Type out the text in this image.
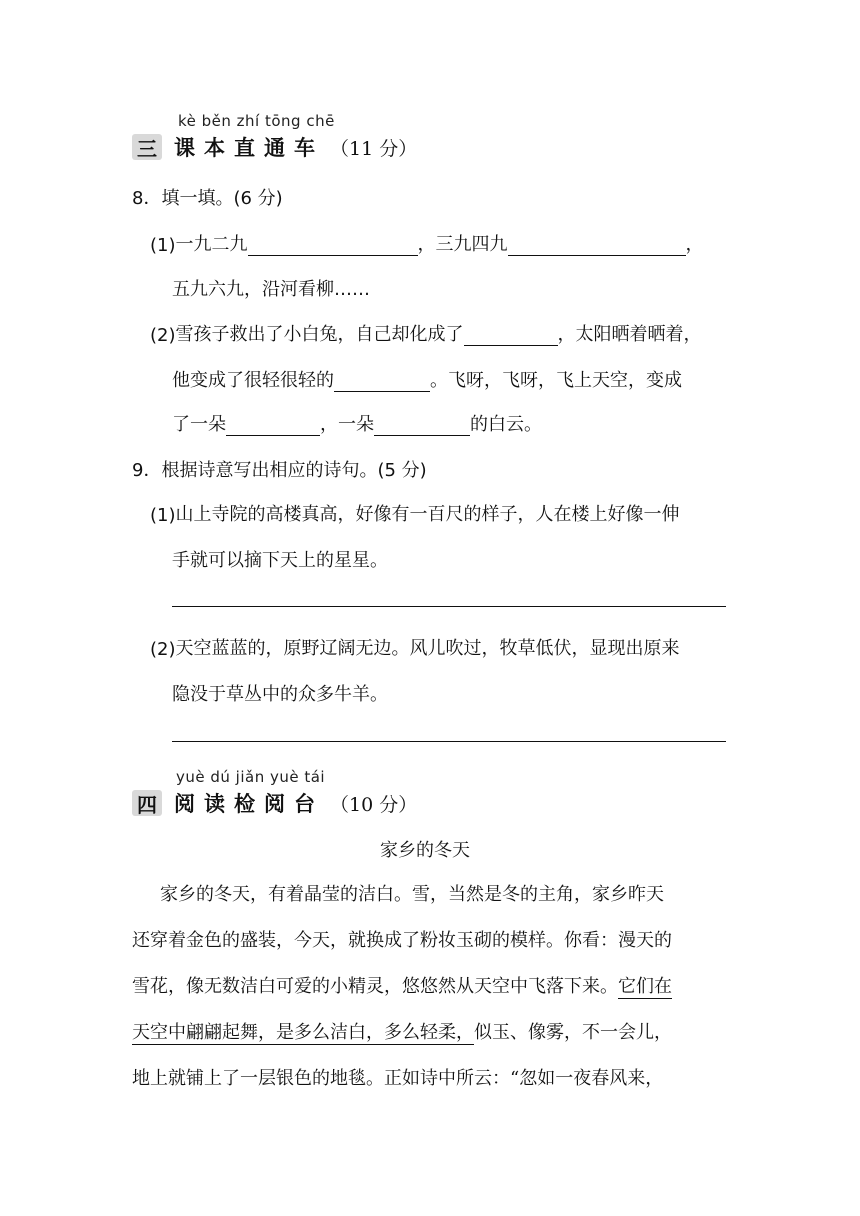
kè běn zhí tōng chē
三 课本直通车 （11 分）
8．填一填。(6 分)
(1) 一九二九	，三九四九	，
五九六九，沿河看柳……
(2) 雪孩子救出了小白兔，自己却化成了	，太阳晒着晒着，
他变成了很轻很轻的	。飞呀，飞呀，飞上天空，变成
了一朵	，一朵	的白云。
9．根据诗意写出相应的诗句。(5 分)
(1) 山上寺院的高楼真高，好像有一百尺的样子，人在楼上好像一伸
手就可以摘下天上的星星。
(2) 天空蓝蓝的，原野辽阔无边。风儿吹过，牧草低伏，显现出原来
隐没于草丛中的众多牛羊。
yuè dú jiǎn yuè tái
四 阅读检阅台 （10 分）
家乡的冬天
家乡的冬天，有着晶莹的洁白。雪，当然是冬的主角，家乡昨天
还穿着金色的盛装，今天，就换成了粉妆玉砌的模样。你看：漫天的
雪花，像无数洁白可爱的小精灵，悠悠然从天空中飞落下来。它们在
天空中翩翩起舞，是多么洁白，多么轻柔，似玉、像雾，不一会儿，
地上就铺上了一层银色的地毯。正如诗中所云：“忽如一夜春风来，
